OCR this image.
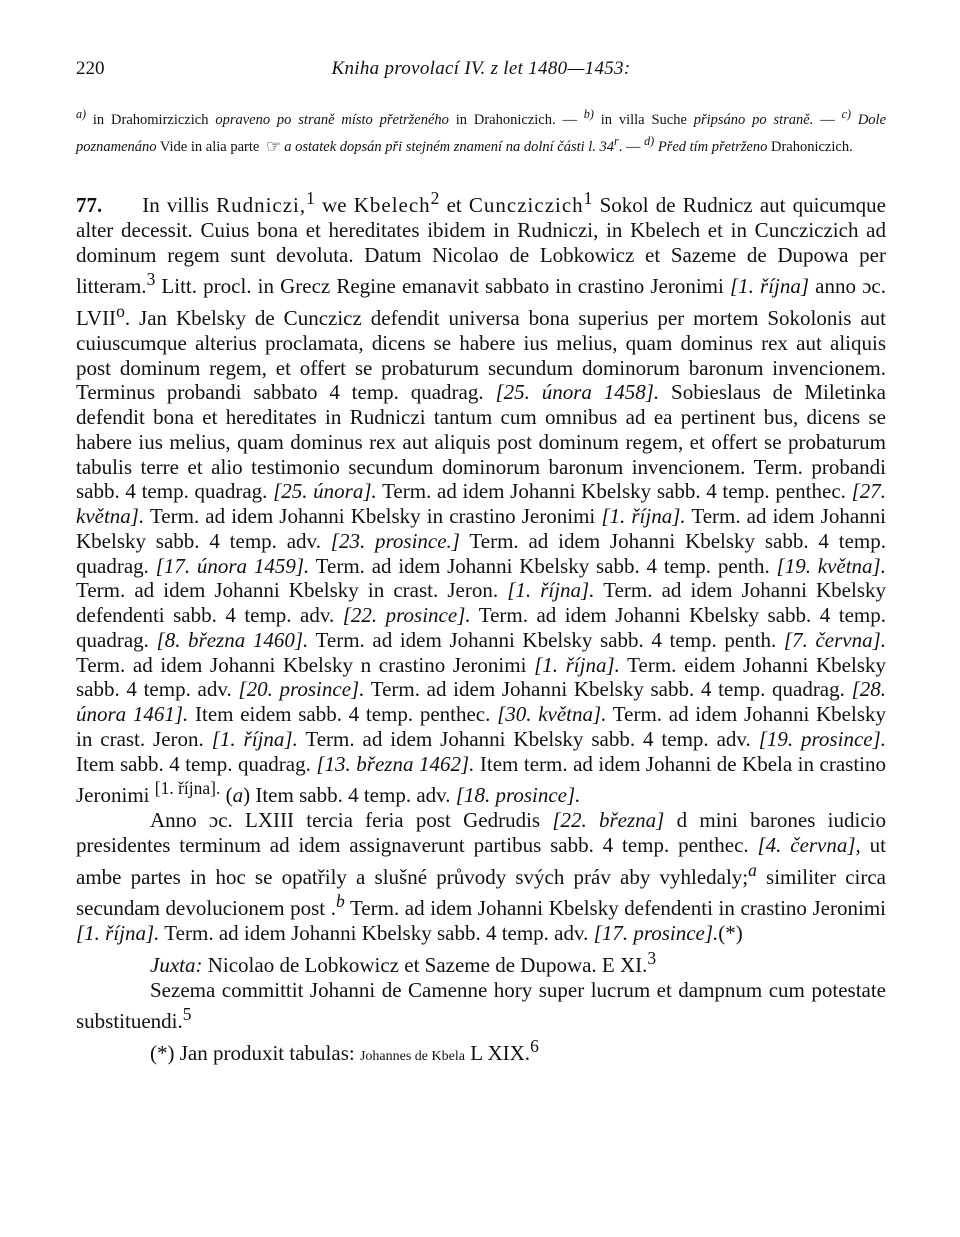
220	Kniha provolací IV. z let 1480—1453:
$^{a)}$ in Drahomirziczich opraveno po straně místo přetrženého in Drahoniczich. — $^{b)}$ in villa Suche připsáno po straně. — $^{c)}$ Dole poznamenáno Vide in alia parte ☞ a ostatek dopsán při stejném znamení na dolní části l. 34$^r$. — $^{d)}$ Před tím přetrženo Drahoniczich.

77. In villis Rudniczi,$^1$ we Kbelech$^2$ et Cuncziczich$^1$ Sokol de Rudnicz aut quicumque alter decessit. Cuius bona et hereditates ibidem in Rudniczi, in Kbelech et in Cuncziczich ad dominum regem sunt devoluta. Datum Nicolao de Lobkowicz et Sazeme de Dupowa per litteram.$^3$ Litt. procl. in Grecz Regine emanavit sabbato in crastino Jeronimi [1. října] anno ɔc. LVII$^o$. Jan Kbelsky de Cunczicz defendit universa bona superius per mortem Sokolonis aut cuiuscumque alterius proclamata, dicens se habere ius melius, quam dominus rex aut aliquis post dominum regem, et offert se probaturum secundum dominorum baronum invencionem. Terminus probandi sabbato 4 temp. quadrag. [25. února 1458]. Sobieslaus de Miletinka defendit bona et hereditates in Rudniczi tantum cum omnibus ad ea pertinent bus, dicens se habere ius melius, quam dominus rex aut aliquis post dominum regem, et offert se probaturum tabulis terre et alio testimonio secundum dominorum baronum invencionem. Term. probandi sabb. 4 temp. quadrag. [25. února]. Term. ad idem Johanni Kbelsky sabb. 4 temp. penthec. [27. května]. Term. ad idem Johanni Kbelsky in crastino Jeronimi [1. října]. Term. ad idem Johanni Kbelsky sabb. 4 temp. adv. [23. prosince.] Term. ad idem Johanni Kbelsky sabb. 4 temp. quadrag. [17. února 1459]. Term. ad idem Johanni Kbelsky sabb. 4 temp. penth. [19. května]. Term. ad idem Johanni Kbelsky in crast. Jeron. [1. října]. Term. ad idem Johanni Kbelsky defendenti sabb. 4 temp. adv. [22. prosince]. Term. ad idem Johanni Kbelsky sabb. 4 temp. quadrag. [8. března 1460]. Term. ad idem Johanni Kbelsky sabb. 4 temp. penth. [7. června]. Term. ad idem Johanni Kbelsky n crastino Jeronimi [1. října]. Term. eidem Johanni Kbelsky sabb. 4 temp. adv. [20. prosince]. Term. ad idem Johanni Kbelsky sabb. 4 temp. quadrag. [28. února 1461]. Item eidem sabb. 4 temp. penthec. [30. května]. Term. ad idem Johanni Kbelsky in crast. Jeron. [1. října]. Term. ad idem Johanni Kbelsky sabb. 4 temp. adv. [19. prosince]. Item sabb. 4 temp. quadrag. [13. března 1462]. Item term. ad idem Johanni de Kbela in crastino Jeronimi $^{[1. října].}$ (a) Item sabb. 4 temp. adv. [18. prosince].

Anno ɔc. LXIII tercia feria post Gedrudis [22. března] d mini barones iudicio presidentes terminum ad idem assignaverunt partibus sabb. 4 temp. penthec. [4. června], ut ambe partes in hoc se opatřily a slušné průvody svých práv aby vyhledaly;$^a$ similiter circa secundam devolucionem post .$^b$ Term. ad idem Johanni Kbelsky defendenti in crastino Jeronimi [1. října]. Term. ad idem Johanni Kbelsky sabb. 4 temp. adv. [17. prosince].(*)

Juxta: Nicolao de Lobkowicz et Sazeme de Dupowa. E XI.$^3$

Sezema committit Johanni de Camenne hory super lucrum et dampnum cum potestate substituendi.$^5$

(*) Jan produxit tabulas: Johannes de Kbela L XIX.$^6$
